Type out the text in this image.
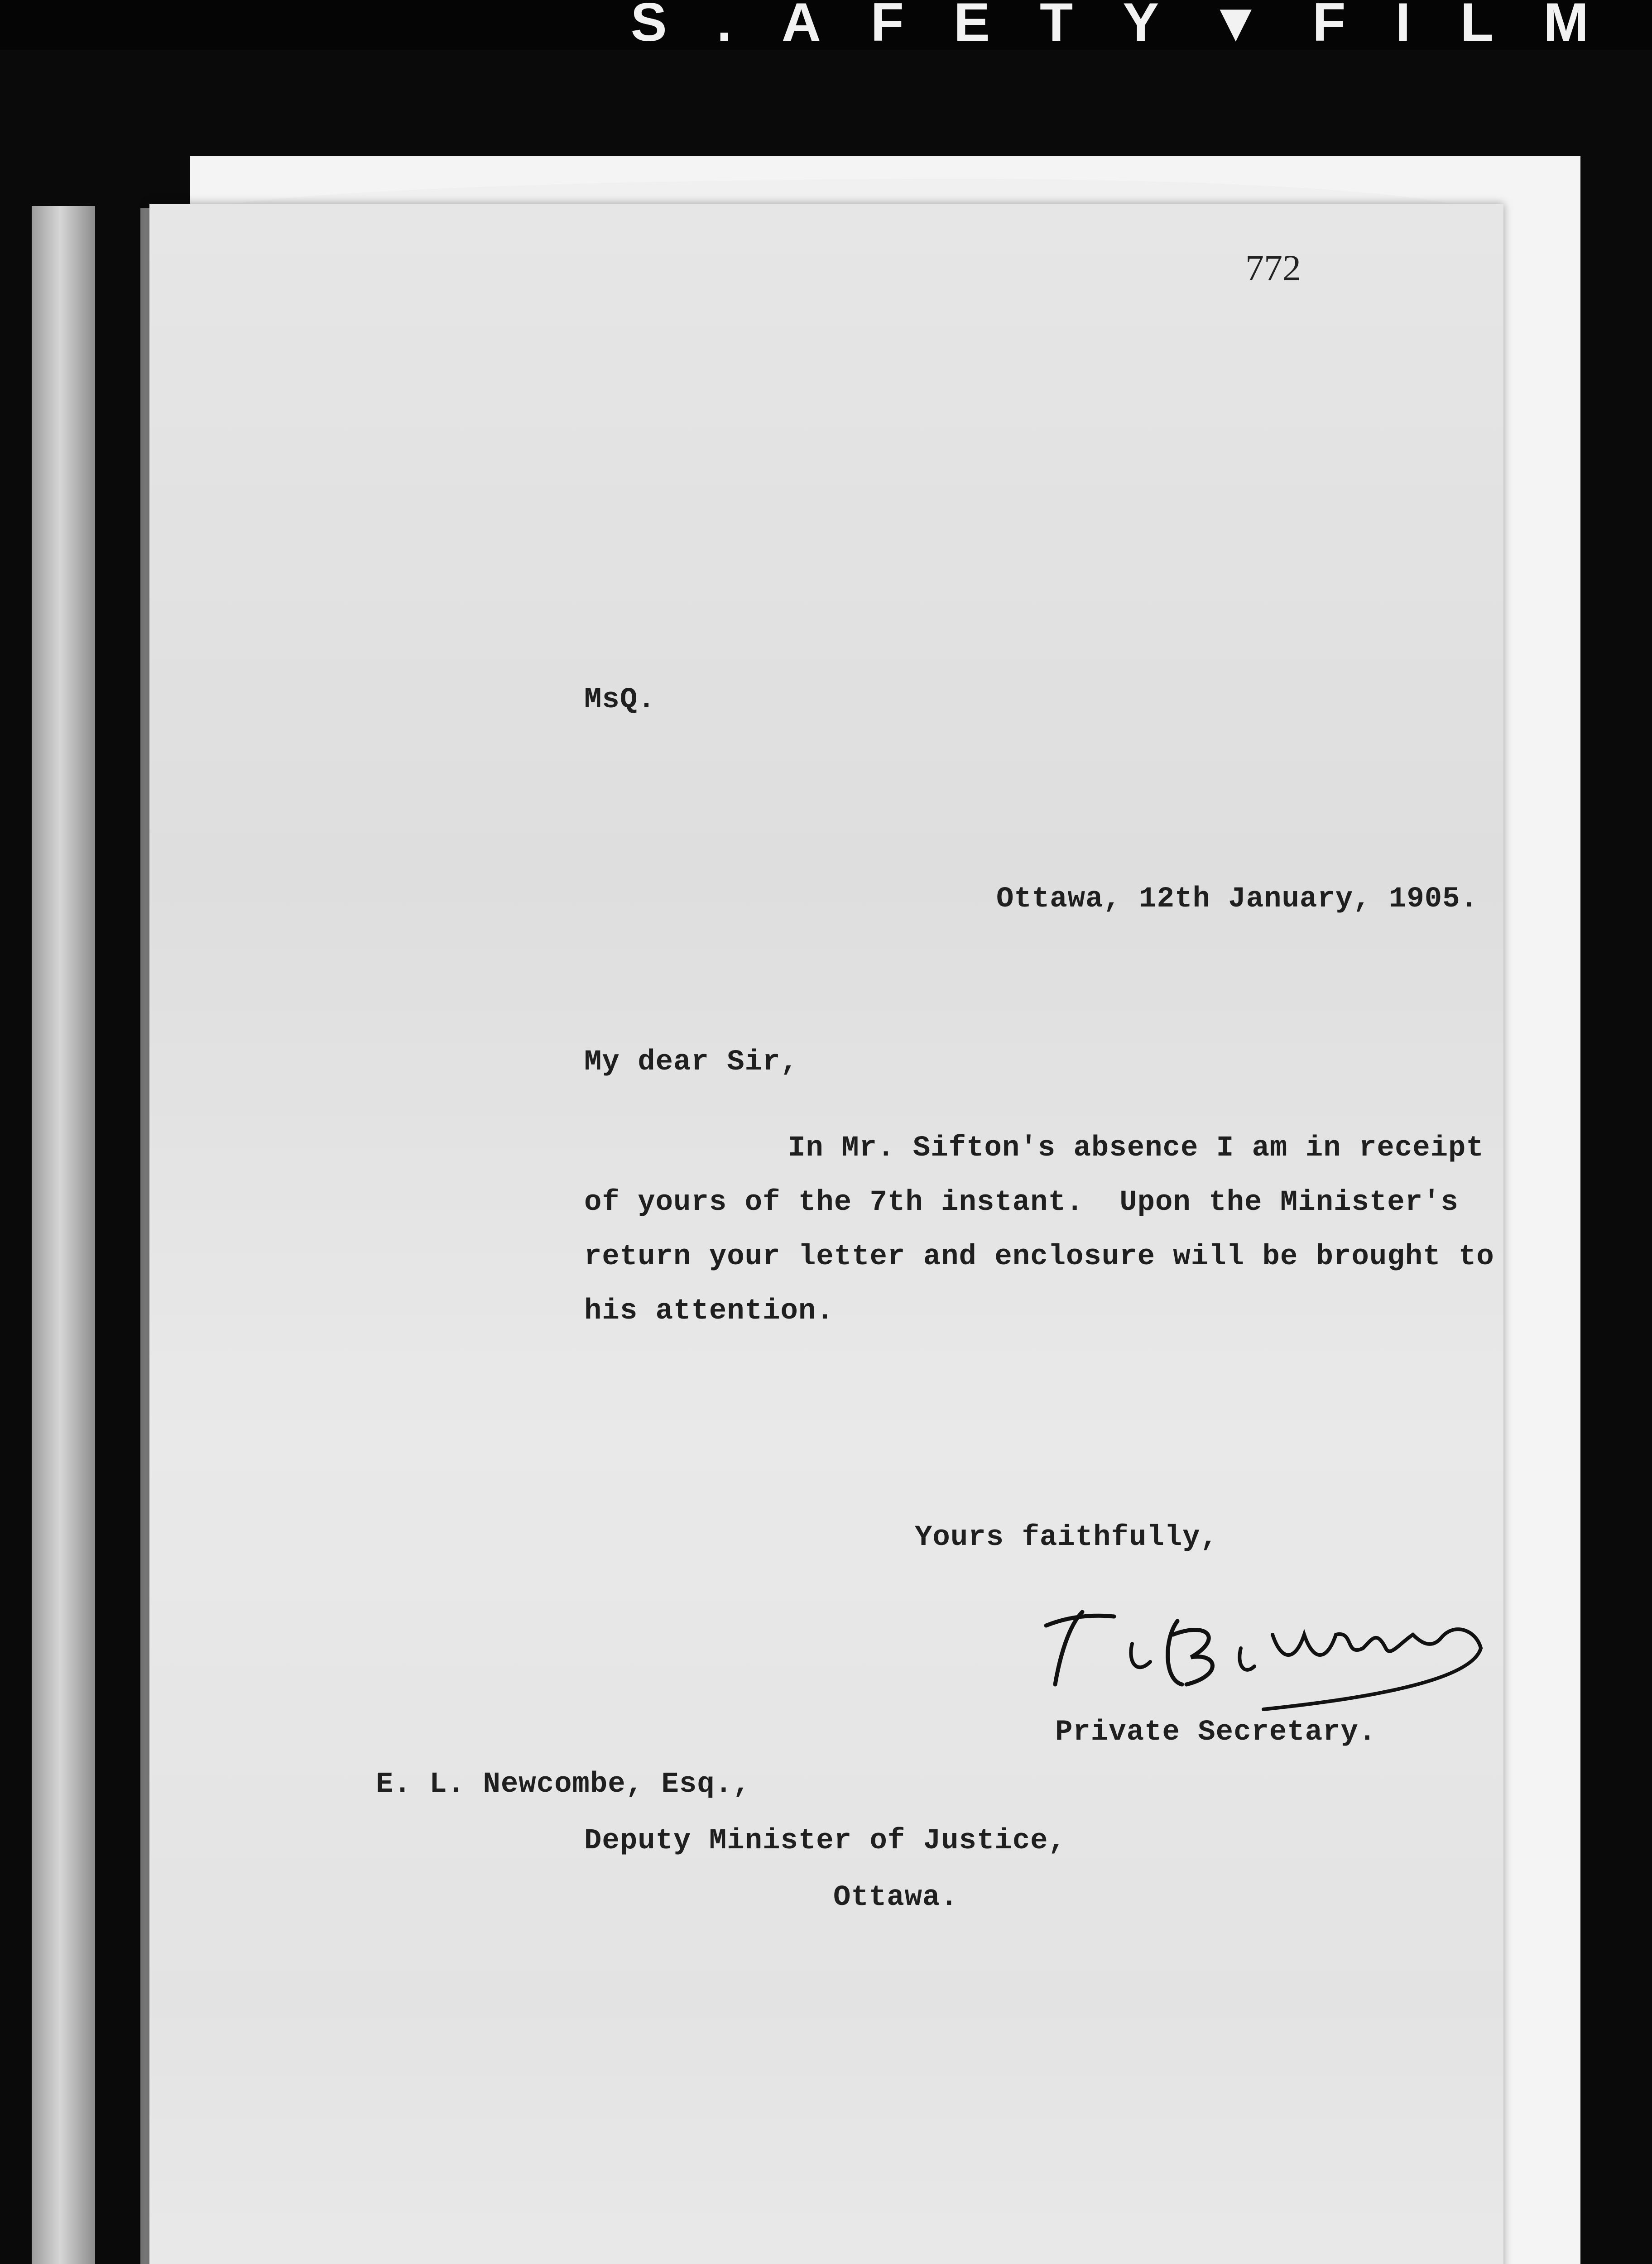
S.AFETY▼FILM
772
MsQ.
Ottawa, 12th January, 1905.
My dear Sir,
In Mr. Sifton's absence I am in receipt
of yours of the 7th instant.  Upon the Minister's
return your letter and enclosure will be brought to
his attention.
Yours faithfully,
Private Secretary.
E. L. Newcombe, Esq.,
Deputy Minister of Justice,
Ottawa.
